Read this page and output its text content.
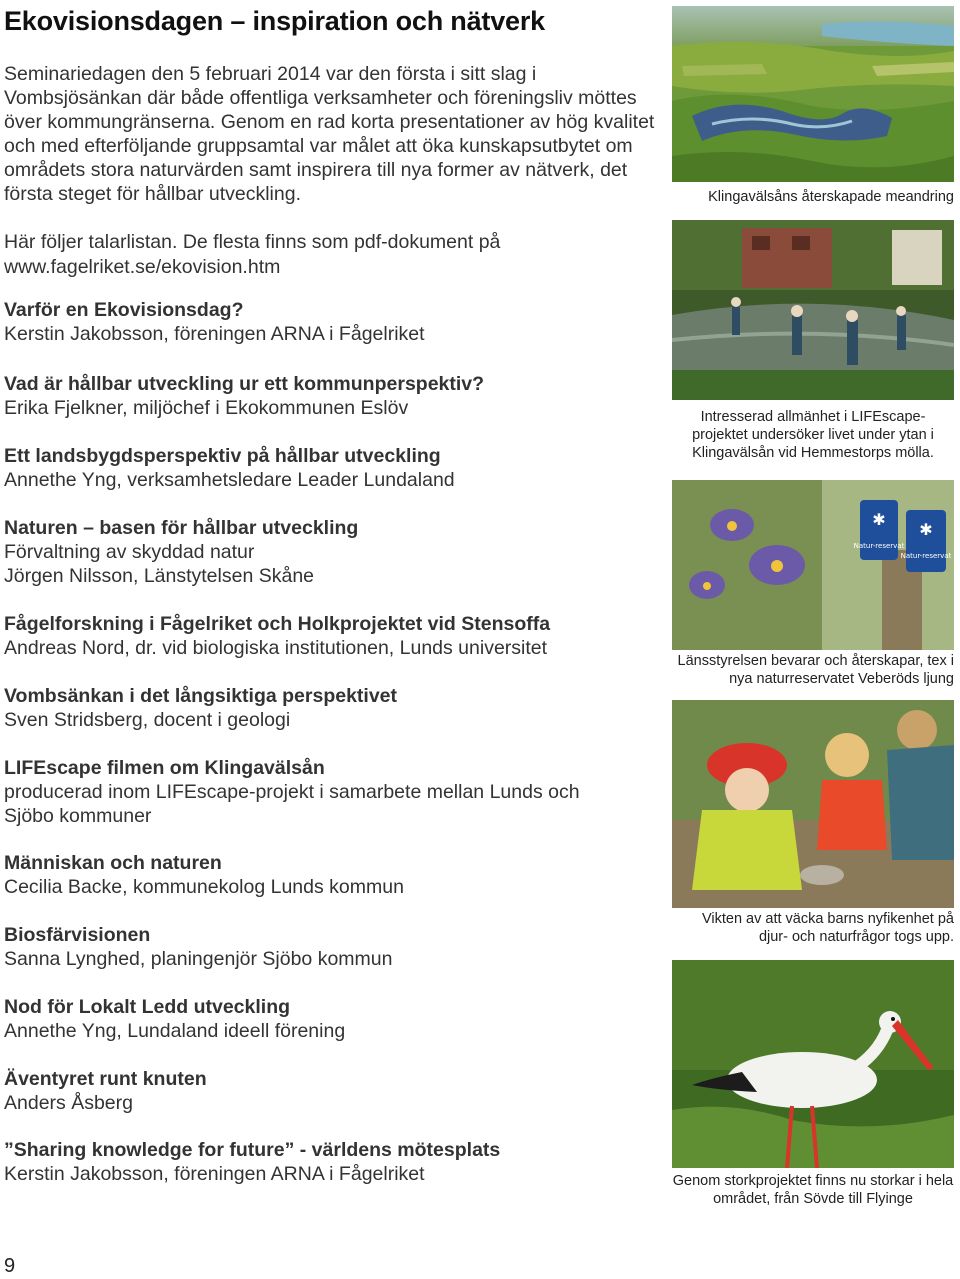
Ekovisionsdagen – inspiration och nätverk

Seminariedagen den 5 februari 2014 var den första i sitt slag i Vombsjösänkan där både offentliga verksamheter och föreningsliv möttes över kommungränserna. Genom en rad korta presentationer av hög kvalitet och med efterföljande gruppsamtal var målet att öka kunskapsutbytet om områdets stora naturvärden samt inspirera till nya former av nätverk, det första steget för hållbar utveckling.

Här följer talarlistan. De flesta finns som pdf-dokument på www.fagelriket.se/ekovision.htm

Varför en Ekovisionsdag?
Kerstin Jakobsson, föreningen ARNA i Fågelriket
Vad är hållbar utveckling ur ett kommunperspektiv?
Erika Fjelkner, miljöchef i Ekokommunen Eslöv
Ett landsbygdsperspektiv på hållbar utveckling
Annethe Yng, verksamhetsledare Leader Lundaland
Naturen – basen för hållbar utveckling
Förvaltning av skyddad natur
Jörgen Nilsson, Länstytelsen Skåne
Fågelforskning i Fågelriket och Holkprojektet vid Stensoffa
Andreas Nord, dr. vid biologiska institutionen, Lunds universitet
Vombsänkan i det långsiktiga perspektivet
Sven Stridsberg, docent i geologi
LIFEscape filmen om Klingavälsån
producerad inom LIFEscape-projekt i samarbete mellan Lunds och Sjöbo kommuner
Människan och naturen
Cecilia Backe, kommunekolog Lunds kommun
Biosfärvisionen
Sanna Lynghed, planingenjör Sjöbo kommun
Nod för Lokalt Ledd utveckling
Annethe Yng, Lundaland ideell förening
Äventyret runt knuten
Anders Åsberg
”Sharing knowledge for future” - världens mötesplats
Kerstin Jakobsson, föreningen ARNA i Fågelriket
Klingavälsåns återskapade meandring
Intresserad allmänhet i LIFEscape-projektet undersöker livet under ytan i Klingavälsån vid Hemmestorps mölla.
✱
✱
Natur-reservat
Natur-reservat
Länsstyrelsen bevarar och återskapar, tex i nya naturreservatet Veberöds ljung
Vikten av att väcka barns nyfikenhet på djur- och naturfrågor togs upp.
Genom storkprojektet finns nu storkar i hela området, från Sövde till Flyinge
9
